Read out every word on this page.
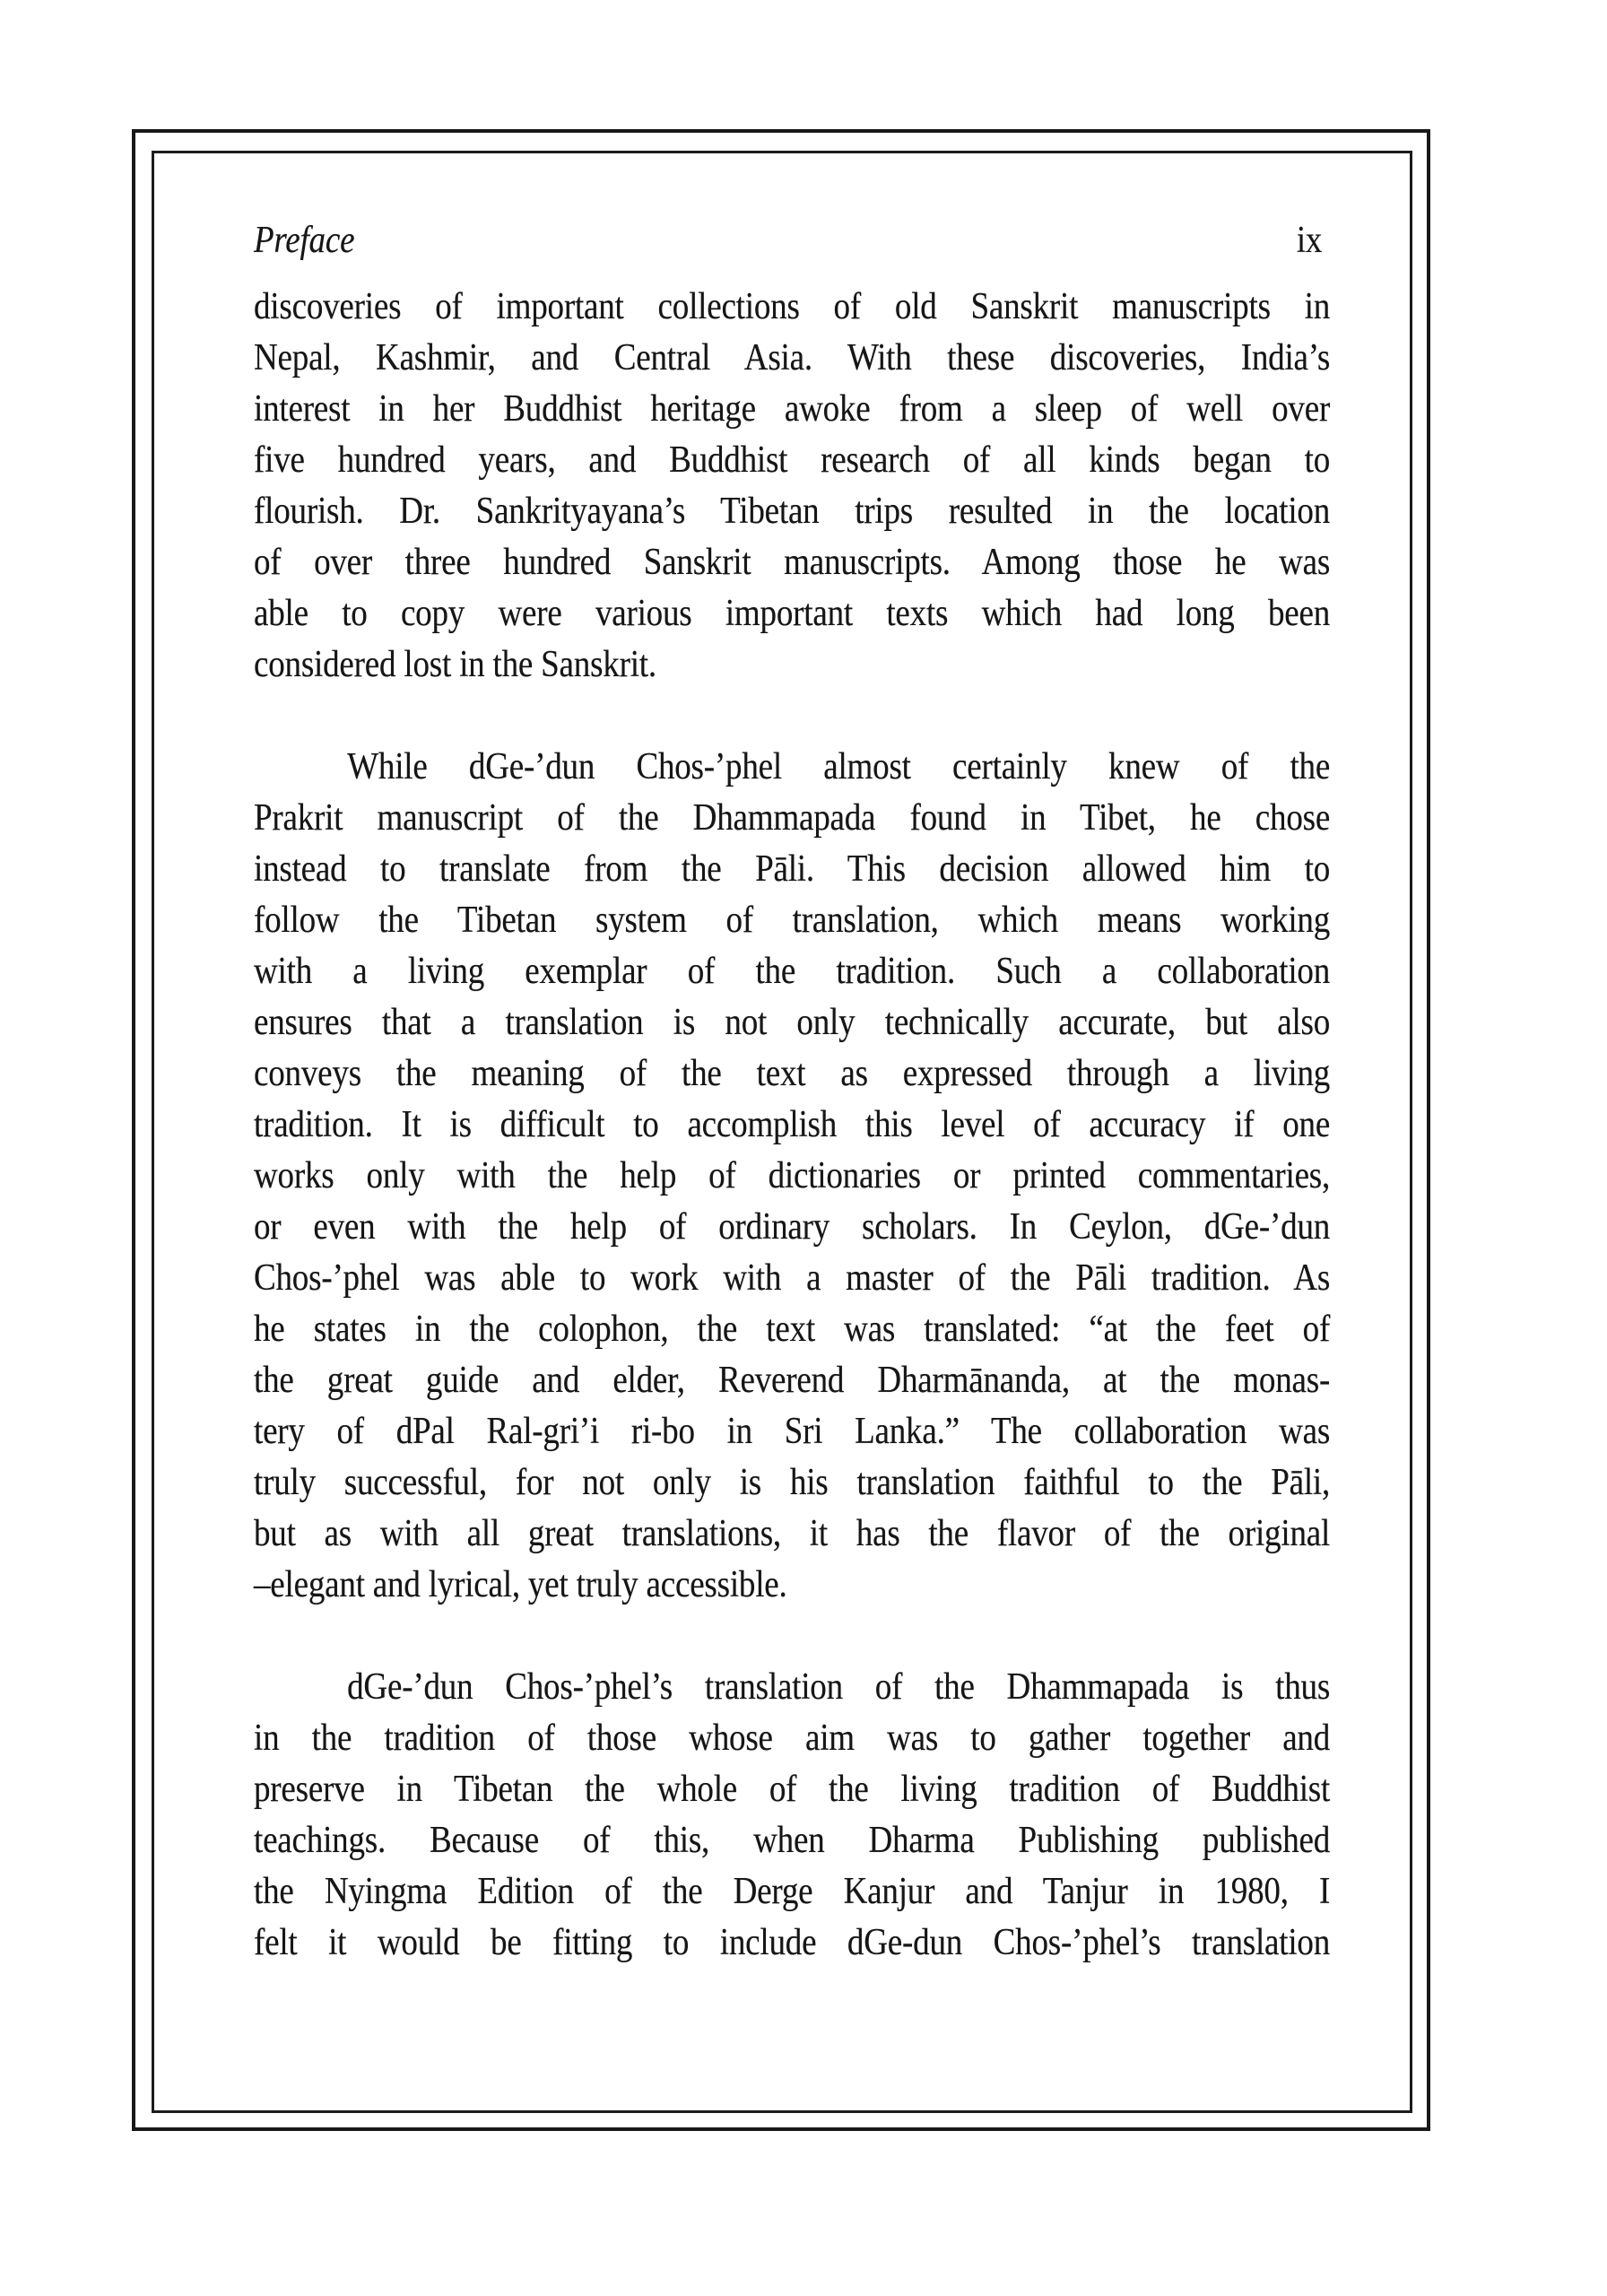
Preface	ix
discoveries of important collections of old Sanskrit manuscripts in
Nepal, Kashmir, and Central Asia. With these discoveries, India’s
interest in her Buddhist heritage awoke from a sleep of well over
five hundred years, and Buddhist research of all kinds began to
flourish. Dr. Sankrityayana’s Tibetan trips resulted in the location
of over three hundred Sanskrit manuscripts. Among those he was
able to copy were various important texts which had long been
considered lost in the Sanskrit.
While dGe-’dun Chos-’phel almost certainly knew of the
Prakrit manuscript of the Dhammapada found in Tibet, he chose
instead to translate from the Pāli. This decision allowed him to
follow the Tibetan system of translation, which means working
with a living exemplar of the tradition. Such a collaboration
ensures that a translation is not only technically accurate, but also
conveys the meaning of the text as expressed through a living
tradition. It is difficult to accomplish this level of accuracy if one
works only with the help of dictionaries or printed commentaries,
or even with the help of ordinary scholars. In Ceylon, dGe-’dun
Chos-’phel was able to work with a master of the Pāli tradition. As
he states in the colophon, the text was translated: “at the feet of
the great guide and elder, Reverend Dharmānanda, at the monas-
tery of dPal Ral-gri’i ri-bo in Sri Lanka.” The collaboration was
truly successful, for not only is his translation faithful to the Pāli,
but as with all great translations, it has the flavor of the original
–elegant and lyrical, yet truly accessible.
dGe-’dun Chos-’phel’s translation of the Dhammapada is thus
in the tradition of those whose aim was to gather together and
preserve in Tibetan the whole of the living tradition of Buddhist
teachings. Because of this, when Dharma Publishing published
the Nyingma Edition of the Derge Kanjur and Tanjur in 1980, I
felt it would be fitting to include dGe-dun Chos-’phel’s translation
